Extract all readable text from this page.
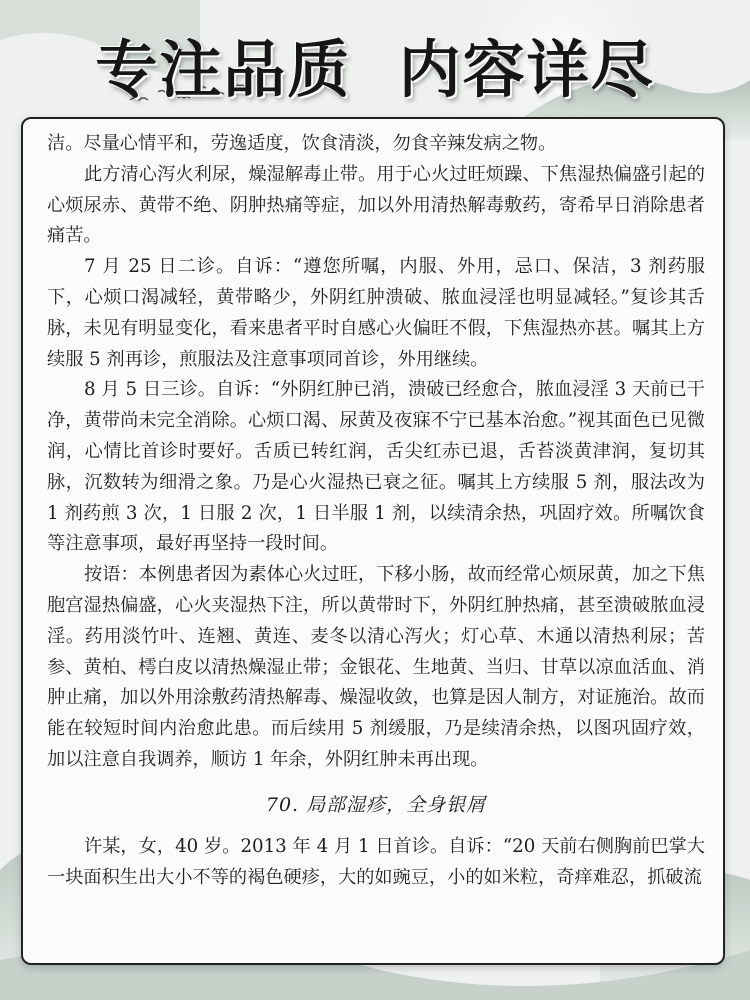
专注品质  内容详尽

洁。尽量心情平和，劳逸适度，饮食清淡，勿食辛辣发病之物。

此方清心泻火利尿，燥湿解毒止带。用于心火过旺烦躁、下焦湿热偏盛引起的心烦尿赤、黄带不绝、阴肿热痛等症，加以外用清热解毒敷药，寄希早日消除患者痛苦。

7 月 25 日二诊。自诉：“遵您所嘱，内服、外用，忌口、保洁，3 剂药服下，心烦口渴减轻，黄带略少，外阴红肿溃破、脓血浸淫也明显减轻。”复诊其舌脉，未见有明显变化，看来患者平时自感心火偏旺不假，下焦湿热亦甚。嘱其上方续服 5 剂再诊，煎服法及注意事项同首诊，外用继续。

8 月 5 日三诊。自诉：“外阴红肿已消，溃破已经愈合，脓血浸淫 3 天前已干净，黄带尚未完全消除。心烦口渴、尿黄及夜寐不宁已基本治愈。”视其面色已见微润，心情比首诊时要好。舌质已转红润，舌尖红赤已退，舌苔淡黄津润，复切其脉，沉数转为细滑之象。乃是心火湿热已衰之征。嘱其上方续服 5 剂，服法改为 1 剂药煎 3 次，1 日服 2 次，1 日半服 1 剂，以续清余热，巩固疗效。所嘱饮食等注意事项，最好再坚持一段时间。

按语：本例患者因为素体心火过旺，下移小肠，故而经常心烦尿黄，加之下焦胞宫湿热偏盛，心火夹湿热下注，所以黄带时下，外阴红肿热痛，甚至溃破脓血浸淫。药用淡竹叶、连翘、黄连、麦冬以清心泻火；灯心草、木通以清热利尿；苦参、黄柏、樗白皮以清热燥湿止带；金银花、生地黄、当归、甘草以凉血活血、消肿止痛，加以外用涂敷药清热解毒、燥湿收敛，也算是因人制方，对证施治。故而能在较短时间内治愈此患。而后续用 5 剂缓服，乃是续清余热，以图巩固疗效，加以注意自我调养，顺访 1 年余，外阴红肿未再出现。

70. 局部湿疹，全身银屑

许某，女，40 岁。2013 年 4 月 1 日首诊。自诉：“20 天前右侧胸前巴掌大一块面积生出大小不等的褐色硬疹，大的如豌豆，小的如米粒，奇痒难忍，抓破流
